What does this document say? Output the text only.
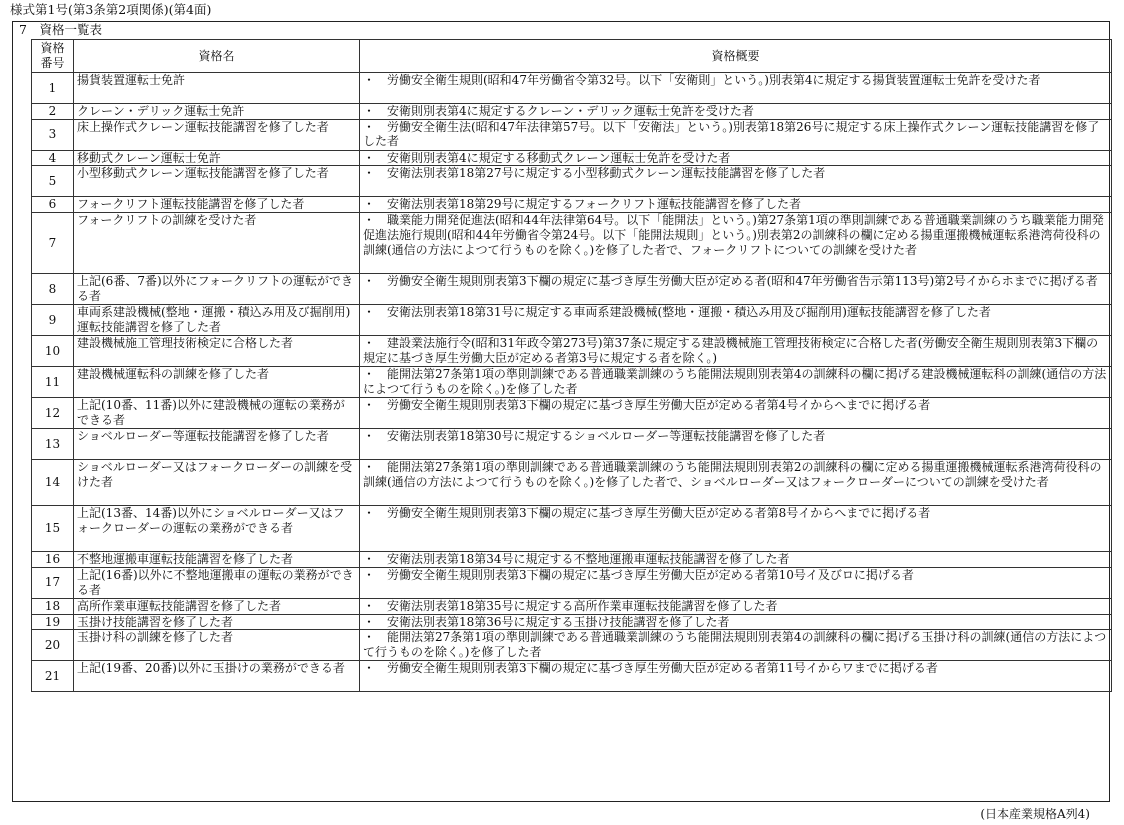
様式第1号(第3条第2項関係)(第4面)
7　資格一覧表
資格番号	資格名	資格概要
1	揚貨装置運転士免許	・　労働安全衛生規則(昭和47年労働省令第32号。以下「安衛則」という。)別表第4に規定する揚貨装置運転士免許を受けた者
2	クレーン・デリック運転士免許	・　安衛則別表第4に規定するクレーン・デリック運転士免許を受けた者
3	床上操作式クレーン運転技能講習を修了した者	・　労働安全衛生法(昭和47年法律第57号。以下「安衛法」という。)別表第18第26号に規定する床上操作式クレーン運転技能講習を修了した者
4	移動式クレーン運転士免許	・　安衛則別表第4に規定する移動式クレーン運転士免許を受けた者
5	小型移動式クレーン運転技能講習を修了した者	・　安衛法別表第18第27号に規定する小型移動式クレーン運転技能講習を修了した者
6	フォークリフト運転技能講習を修了した者	・　安衛法別表第18第29号に規定するフォークリフト運転技能講習を修了した者
7	フォークリフトの訓練を受けた者	・　職業能力開発促進法(昭和44年法律第64号。以下「能開法」という。)第27条第1項の準則訓練である普通職業訓練のうち職業能力開発促進法施行規則(昭和44年労働省令第24号。以下「能開法規則」という。)別表第2の訓練科の欄に定める揚重運搬機械運転系港湾荷役科の訓練(通信の方法によつて行うものを除く。)を修了した者で、フォークリフトについての訓練を受けた者
8	上記(6番、7番)以外にフォークリフトの運転ができる者	・　労働安全衛生規則別表第3下欄の規定に基づき厚生労働大臣が定める者(昭和47年労働省告示第113号)第2号イからホまでに掲げる者
9	車両系建設機械(整地・運搬・積込み用及び掘削用)運転技能講習を修了した者	・　安衛法別表第18第31号に規定する車両系建設機械(整地・運搬・積込み用及び掘削用)運転技能講習を修了した者
10	建設機械施工管理技術検定に合格した者	・　建設業法施行令(昭和31年政令第273号)第37条に規定する建設機械施工管理技術検定に合格した者(労働安全衛生規則別表第3下欄の規定に基づき厚生労働大臣が定める者第3号に規定する者を除く。)
11	建設機械運転科の訓練を修了した者	・　能開法第27条第1項の準則訓練である普通職業訓練のうち能開法規則別表第4の訓練科の欄に掲げる建設機械運転科の訓練(通信の方法によつて行うものを除く。)を修了した者
12	上記(10番、11番)以外に建設機械の運転の業務ができる者	・　労働安全衛生規則別表第3下欄の規定に基づき厚生労働大臣が定める者第4号イからへまでに掲げる者
13	ショベルローダー等運転技能講習を修了した者	・　安衛法別表第18第30号に規定するショベルローダー等運転技能講習を修了した者
14	ショベルローダー又はフォークローダーの訓練を受けた者	・　能開法第27条第1項の準則訓練である普通職業訓練のうち能開法規則別表第2の訓練科の欄に定める揚重運搬機械運転系港湾荷役科の訓練(通信の方法によつて行うものを除く。)を修了した者で、ショベルローダー又はフォークローダーについての訓練を受けた者
15	上記(13番、14番)以外にショベルローダー又はフォークローダーの運転の業務ができる者	・　労働安全衛生規則別表第3下欄の規定に基づき厚生労働大臣が定める者第8号イからへまでに掲げる者
16	不整地運搬車運転技能講習を修了した者	・　安衛法別表第18第34号に規定する不整地運搬車運転技能講習を修了した者
17	上記(16番)以外に不整地運搬車の運転の業務ができる者	・　労働安全衛生規則別表第3下欄の規定に基づき厚生労働大臣が定める者第10号イ及びロに掲げる者
18	高所作業車運転技能講習を修了した者	・　安衛法別表第18第35号に規定する高所作業車運転技能講習を修了した者
19	玉掛け技能講習を修了した者	・　安衛法別表第18第36号に規定する玉掛け技能講習を修了した者
20	玉掛け科の訓練を修了した者	・　能開法第27条第1項の準則訓練である普通職業訓練のうち能開法規則別表第4の訓練科の欄に掲げる玉掛け科の訓練(通信の方法によつて行うものを除く。)を修了した者
21	上記(19番、20番)以外に玉掛けの業務ができる者	・　労働安全衛生規則別表第3下欄の規定に基づき厚生労働大臣が定める者第11号イからワまでに掲げる者
(日本産業規格A列4)
